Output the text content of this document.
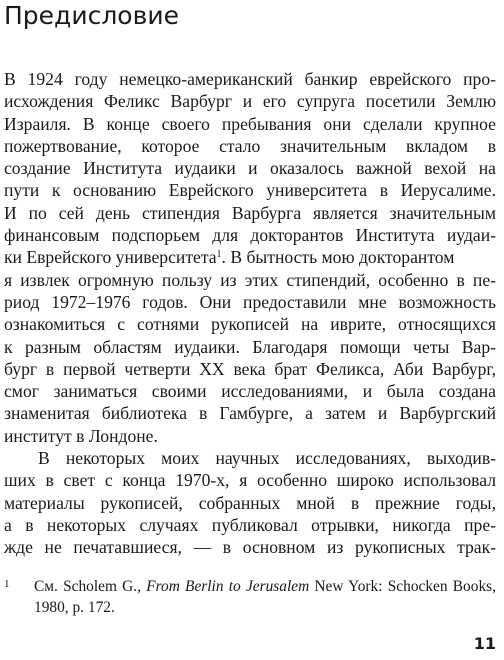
Предисловие
В 1924 году немецко-американский банкир еврейского про-
исхождения Феликс Варбург и его супруга посетили Землю
Израиля. В конце своего пребывания они сделали крупное
пожертвование, которое стало значительным вкладом в
создание Института иудаики и оказалось важной вехой на
пути к основанию Еврейского университета в Иерусалиме.
И по сей день стипендия Варбурга является значительным
финансовым подспорьем для докторантов Института иудаи-
ки Еврейского университета$^1$. В бытность мою докторантом
я извлек огромную пользу из этих стипендий, особенно в пе-
риод 1972–1976 годов. Они предоставили мне возможность
ознакомиться с сотнями рукописей на иврите, относящихся
к разным областям иудаики. Благодаря помощи четы Вар-
бург в первой четверти XX века брат Феликса, Аби Варбург,
смог заниматься своими исследованиями, и была создана
знаменитая библиотека в Гамбурге, а затем и Варбургский
институт в Лондоне.
В некоторых моих научных исследованиях, выходив-
ших в свет с конца 1970-х, я особенно широко использовал
материалы рукописей, собранных мной в прежние годы,
а в некоторых случаях публиковал отрывки, никогда пре-
жде не печатавшиеся, — в основном из рукописных трак-
1	См. Scholem G., From Berlin to Jerusalem New York: Schocken Books,
1980, p. 172.
11
